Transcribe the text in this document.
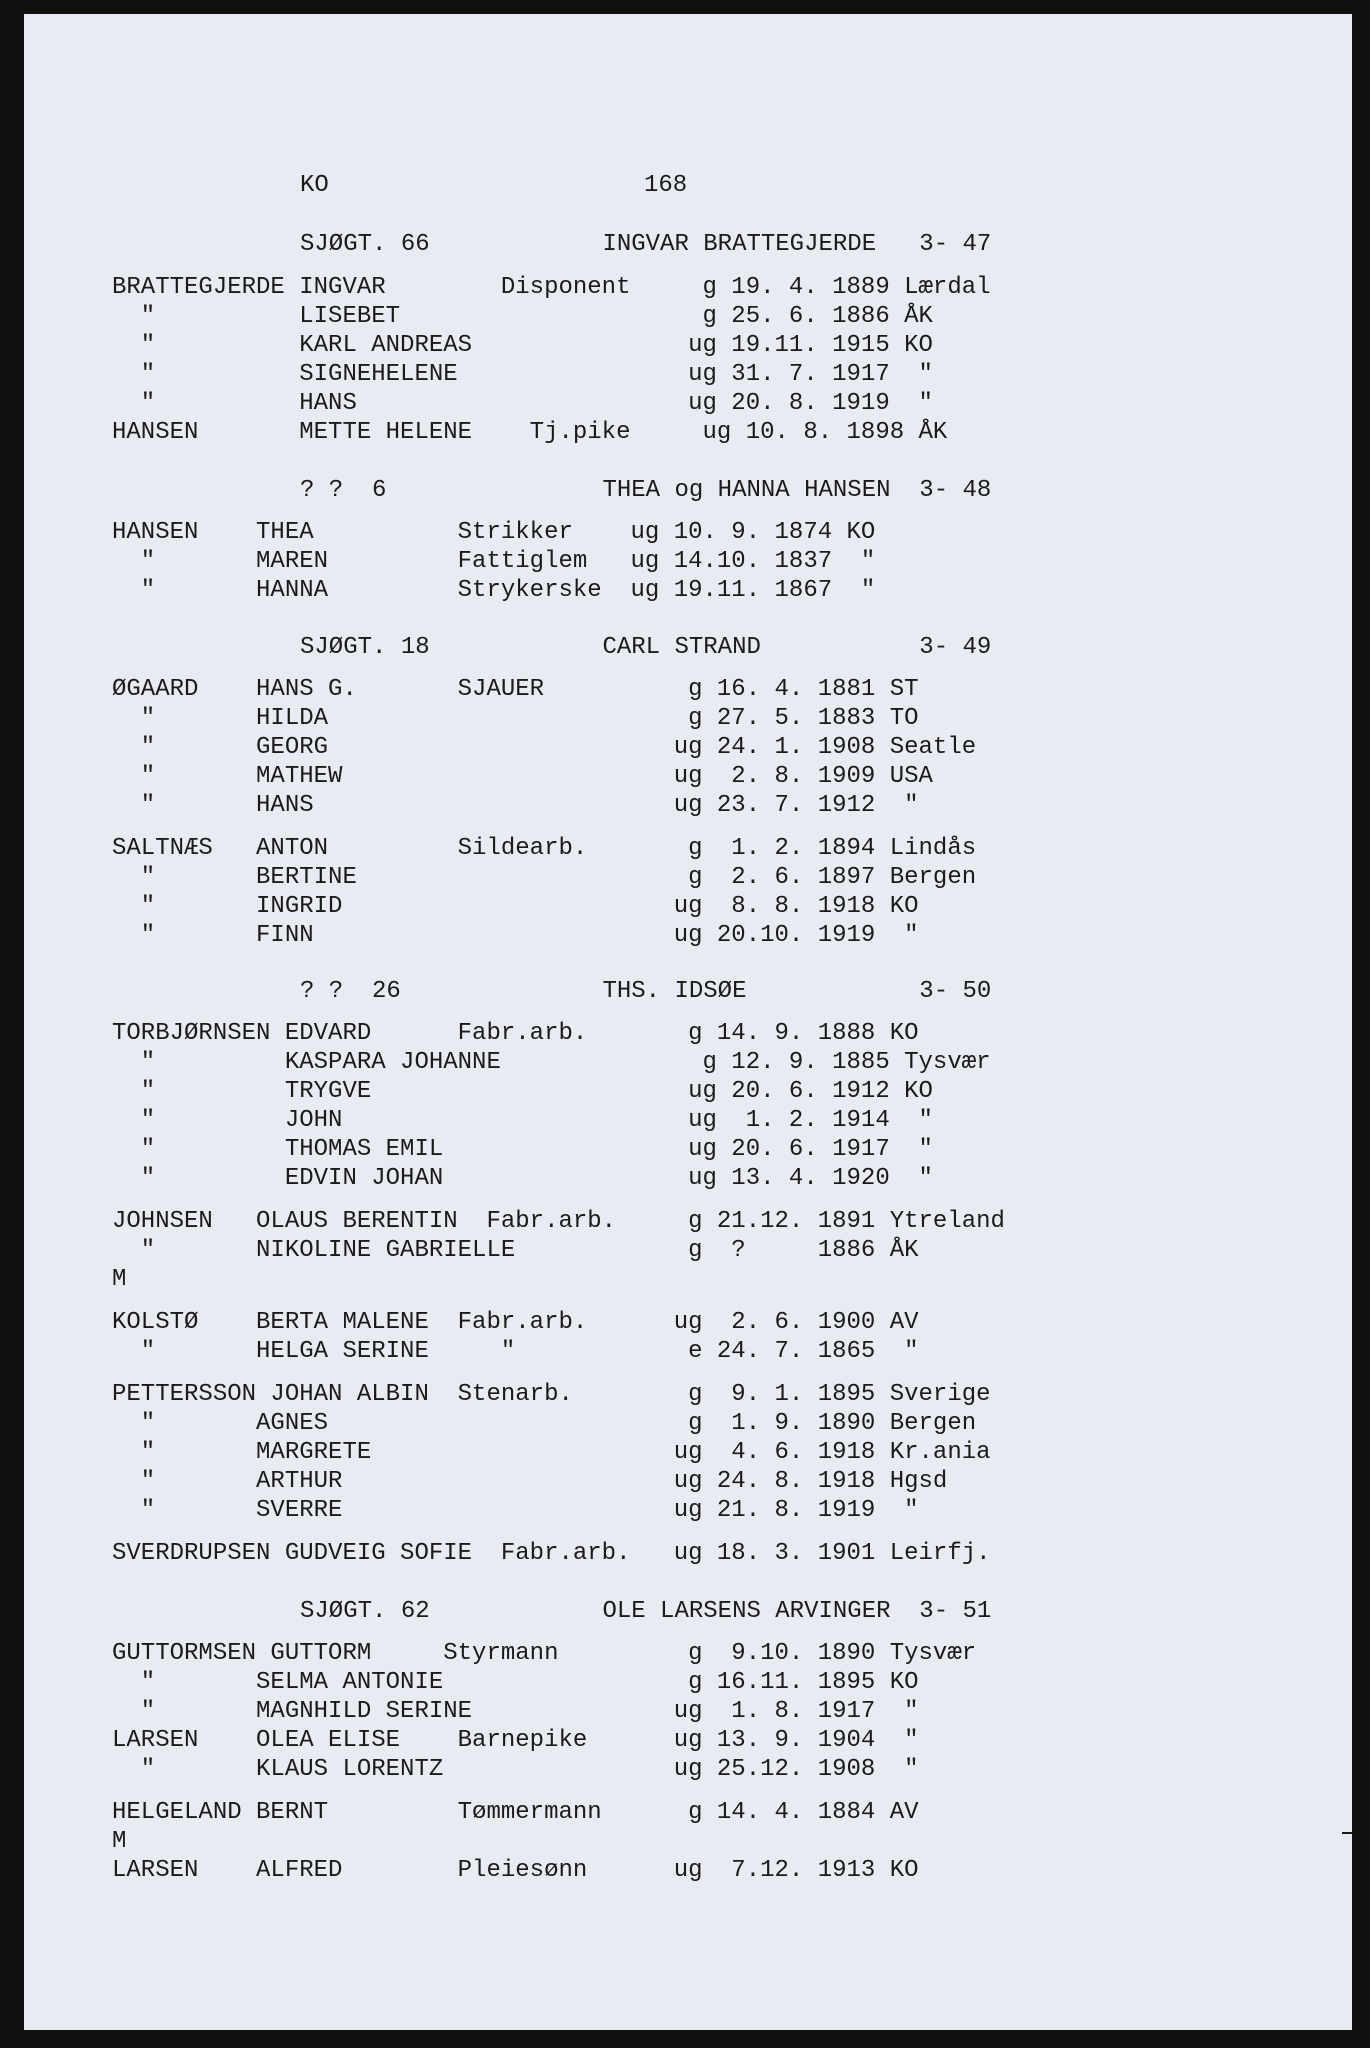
KO	168
SJØGT. 66            INGVAR BRATTEGJERDE   3- 47
BRATTEGJERDE INGVAR        Disponent     g 19. 4. 1889 Lærdal
"          LISEBET                     g 25. 6. 1886 ÅK
"          KARL ANDREAS               ug 19.11. 1915 KO
"          SIGNEHELENE                ug 31. 7. 1917  "
"          HANS                       ug 20. 8. 1919  "
HANSEN       METTE HELENE    Tj.pike     ug 10. 8. 1898 ÅK
? ?  6               THEA og HANNA HANSEN  3- 48
HANSEN    THEA          Strikker    ug 10. 9. 1874 KO
"       MAREN         Fattiglem   ug 14.10. 1837  "
"       HANNA         Strykerske  ug 19.11. 1867  "
SJØGT. 18            CARL STRAND           3- 49
ØGAARD    HANS G.       SJAUER          g 16. 4. 1881 ST
"       HILDA                         g 27. 5. 1883 TO
"       GEORG                        ug 24. 1. 1908 Seatle
"       MATHEW                       ug  2. 8. 1909 USA
"       HANS                         ug 23. 7. 1912  "
SALTNÆS   ANTON         Sildearb.       g  1. 2. 1894 Lindås
"       BERTINE                       g  2. 6. 1897 Bergen
"       INGRID                       ug  8. 8. 1918 KO
"       FINN                         ug 20.10. 1919  "
? ?  26              THS. IDSØE            3- 50
TORBJØRNSEN EDVARD      Fabr.arb.       g 14. 9. 1888 KO
"         KASPARA JOHANNE              g 12. 9. 1885 Tysvær
"         TRYGVE                      ug 20. 6. 1912 KO
"         JOHN                        ug  1. 2. 1914  "
"         THOMAS EMIL                 ug 20. 6. 1917  "
"         EDVIN JOHAN                 ug 13. 4. 1920  "
JOHNSEN   OLAUS BERENTIN  Fabr.arb.     g 21.12. 1891 Ytreland
"       NIKOLINE GABRIELLE            g  ?     1886 ÅK
M
KOLSTØ    BERTA MALENE  Fabr.arb.      ug  2. 6. 1900 AV
"       HELGA SERINE     "            e 24. 7. 1865  "
PETTERSSON JOHAN ALBIN  Stenarb.        g  9. 1. 1895 Sverige
"       AGNES                         g  1. 9. 1890 Bergen
"       MARGRETE                     ug  4. 6. 1918 Kr.ania
"       ARTHUR                       ug 24. 8. 1918 Hgsd
"       SVERRE                       ug 21. 8. 1919  "
SVERDRUPSEN GUDVEIG SOFIE  Fabr.arb.   ug 18. 3. 1901 Leirfj.
SJØGT. 62            OLE LARSENS ARVINGER  3- 51
GUTTORMSEN GUTTORM     Styrmann         g  9.10. 1890 Tysvær
"       SELMA ANTONIE                 g 16.11. 1895 KO
"       MAGNHILD SERINE              ug  1. 8. 1917  "
LARSEN    OLEA ELISE    Barnepike      ug 13. 9. 1904  "
"       KLAUS LORENTZ                ug 25.12. 1908  "
HELGELAND BERNT         Tømmermann      g 14. 4. 1884 AV
M
LARSEN    ALFRED        Pleiesønn      ug  7.12. 1913 KO
